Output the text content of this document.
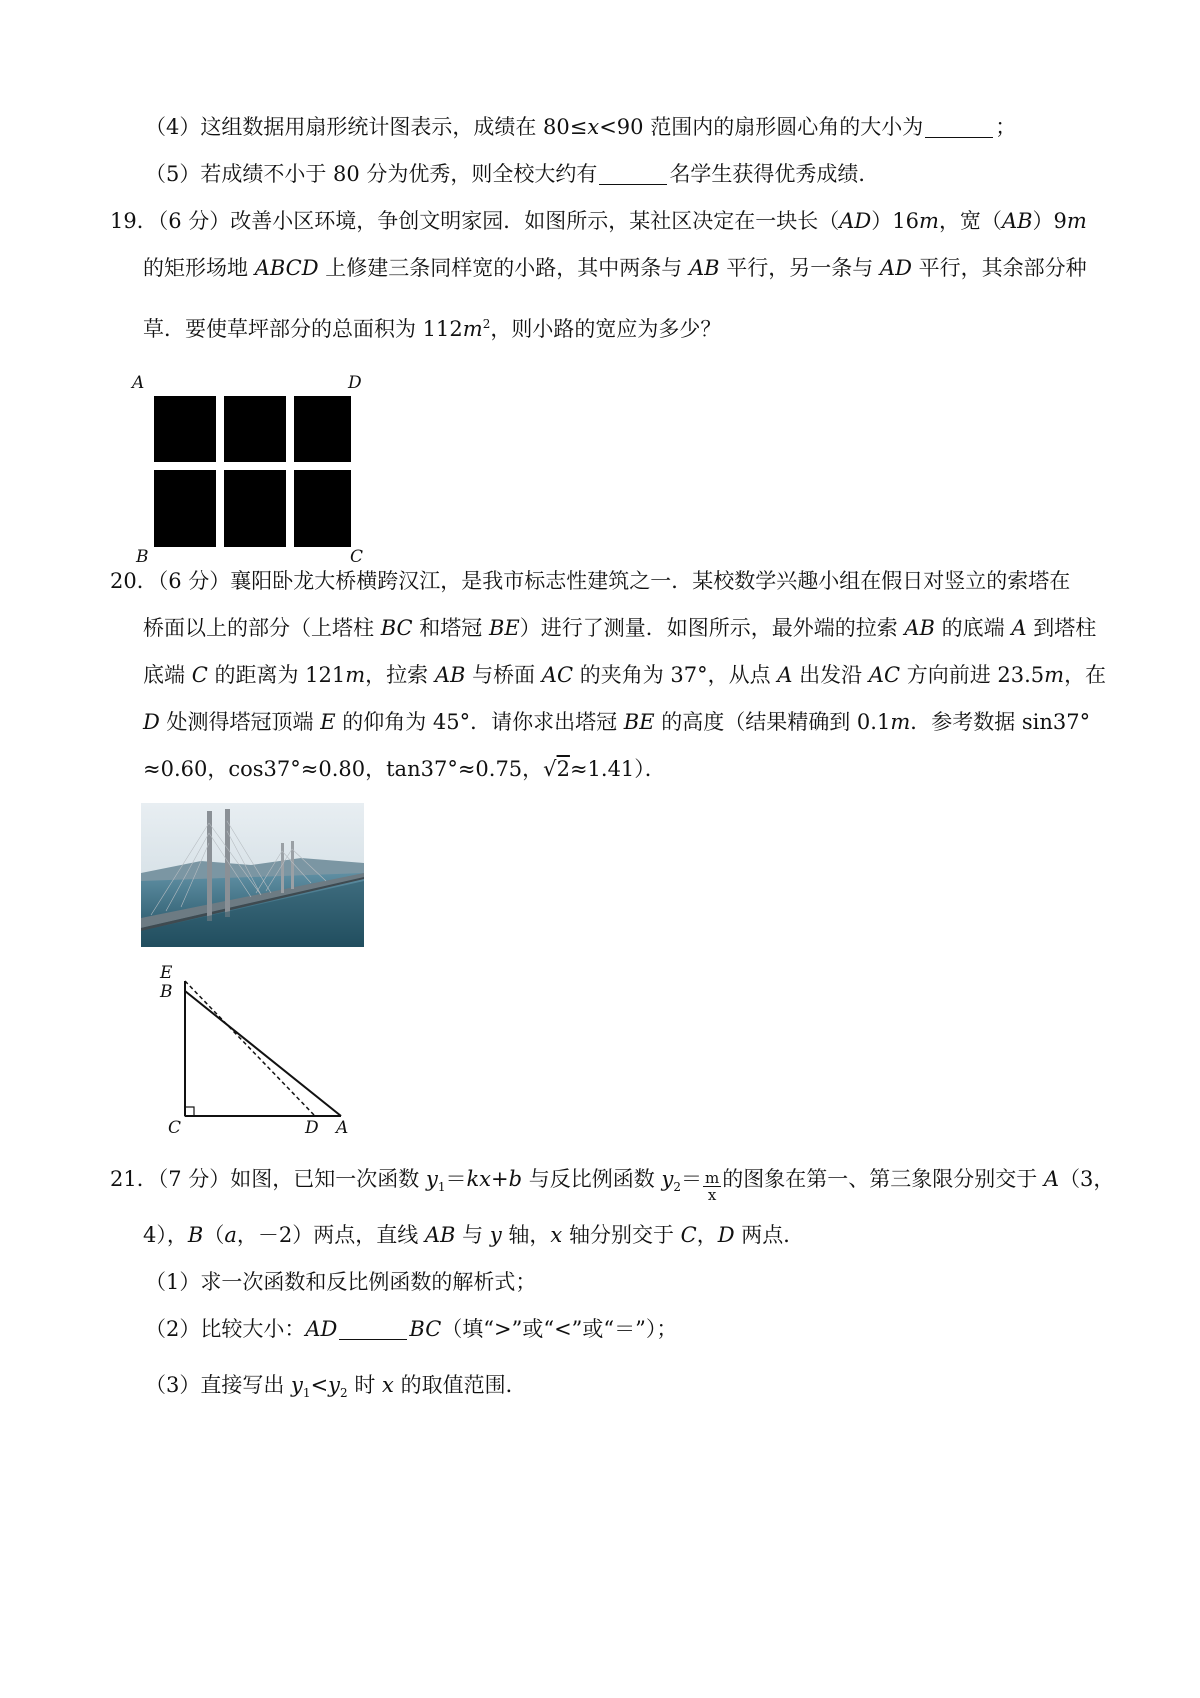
（4）这组数据用扇形统计图表示，成绩在 80≤x<90 范围内的扇形圆心角的大小为	；
（5）若成绩不小于 80 分为优秀，则全校大约有	名学生获得优秀成绩．
19．（6 分）改善小区环境，争创文明家园．如图所示，某社区决定在一块长（AD）16m，宽（AB）9m
的矩形场地 ABCD 上修建三条同样宽的小路，其中两条与 AB 平行，另一条与 AD 平行，其余部分种
草．要使草坪部分的总面积为 $112m^2$，则小路的宽应为多少？
A	D
B	C
20．（6 分）襄阳卧龙大桥横跨汉江，是我市标志性建筑之一．某校数学兴趣小组在假日对竖立的索塔在
桥面以上的部分（上塔柱 BC 和塔冠 BE）进行了测量．如图所示，最外端的拉索 AB 的底端 A 到塔柱
底端 C 的距离为 121m，拉索 AB 与桥面 AC 的夹角为 37°，从点 A 出发沿 AC 方向前进 23.5m，在
D 处测得塔冠顶端 E 的仰角为 45°．请你求出塔冠 BE 的高度（结果精确到 0.1m．参考数据 sin37°
≈0.60，cos37°≈0.80，tan37°≈0.75，√2≈1.41）．
E
B
C	D A
21．（7 分）如图，已知一次函数 $y_1=kx+b$ 与反比例函数 $y_2= \frac{m}{x}$ 的图象在第一、第三象限分别交于 A（3，
4），B（a，－2）两点，直线 AB 与 y 轴，x 轴分别交于 C，D 两点．
（1）求一次函数和反比例函数的解析式；
（2）比较大小：AD	BC（填“>”或“<”或“＝”）；
（3）直接写出 $y_1<y_2$ 时 x 的取值范围．
